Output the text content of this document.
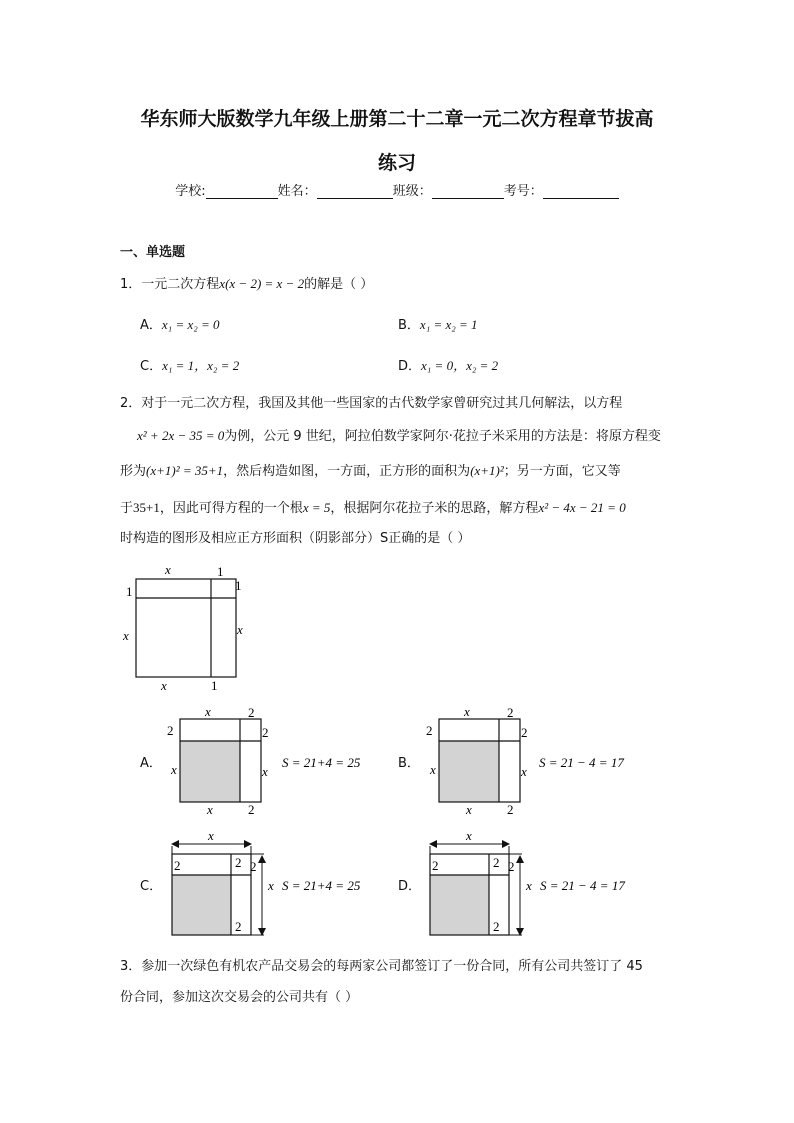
华东师大版数学九年级上册第二十二章一元二次方程章节拔高
练习
学校:	姓名：	班级：	考号：
一、单选题
1．一元二次方程x(x − 2) = x − 2的解是（ ）
A．x₁ = x₂ = 0	B．x₁ = x₂ = 1
C．x₁ = 1，x₂ = 2	D．x₁ = 0，x₂ = 2
2．对于一元二次方程，我国及其他一些国家的古代数学家曾研究过其几何解法，以方程
x² + 2x − 35 = 0为例，公元 9 世纪，阿拉伯数学家阿尔·花拉子米采用的方法是：将原方程变
形为(x+1)² = 35+1，然后构造如图，一方面，正方形的面积为(x+1)²；另一方面，它又等
于35+1，因此可得方程的一个根x = 5，根据阿尔花拉子米的思路，解方程x² − 4x − 21 = 0
时构造的图形及相应正方形面积（阴影部分）S正确的是（ ）
x	1
1
x
1
x
x	1
A．
x	2
2
x
2
x
x	2
S = 21+4 = 25	B．
x	2
2
x
2
x
x	2
S = 21 − 4 = 17
C．
x
2	2
2
2
x S = 21+4 = 25	D．
x
2	2
2
2
x S = 21 − 4 = 17
3．参加一次绿色有机农产品交易会的每两家公司都签订了一份合同，所有公司共签订了 45
份合同，参加这次交易会的公司共有（ ）
